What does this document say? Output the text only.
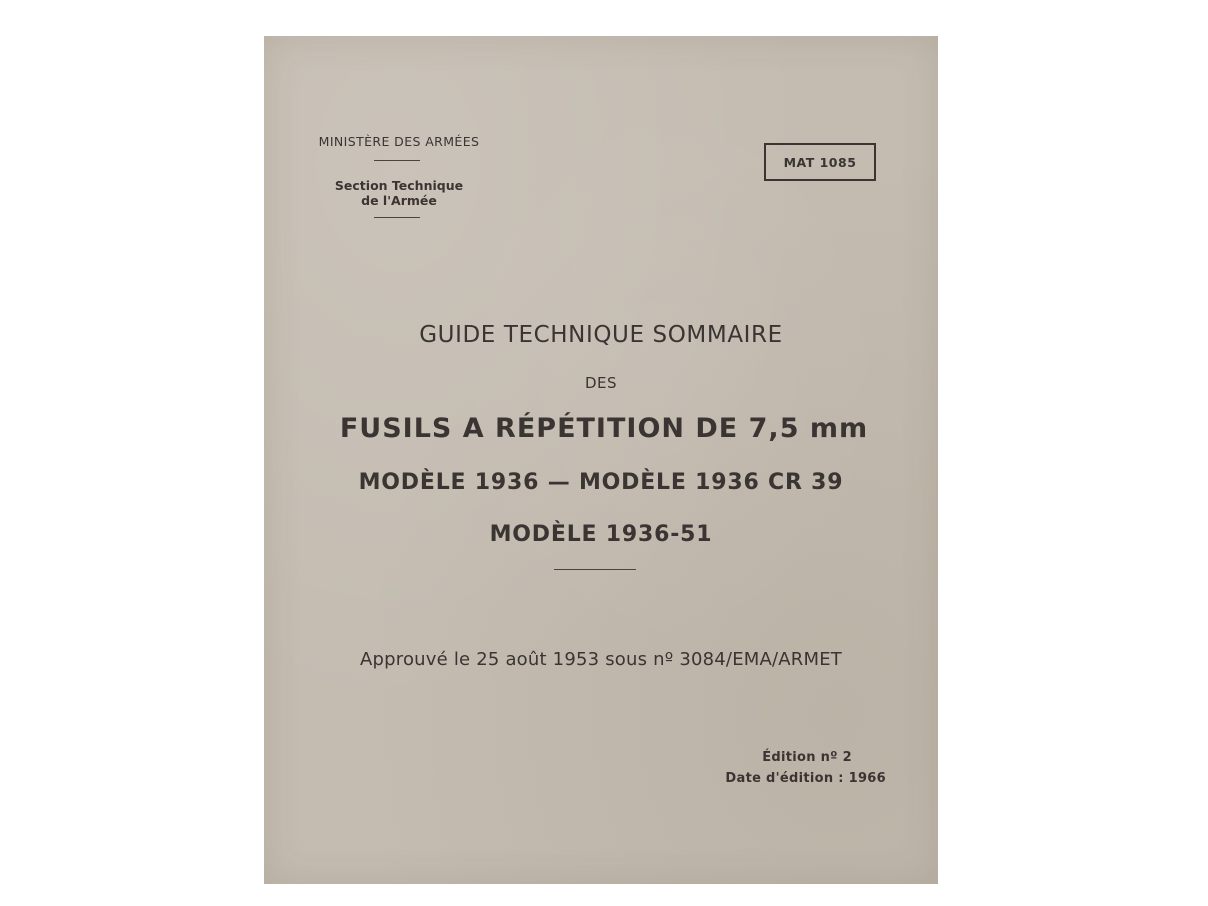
MINISTÈRE DES ARMÉES
Section Technique
de l'Armée
MAT 1085
GUIDE TECHNIQUE SOMMAIRE
DES
FUSILS A RÉPÉTITION DE 7,5 mm
MODÈLE 1936 — MODÈLE 1936 CR 39
MODÈLE 1936-51
Approuvé le 25 août 1953 sous nº 3084/EMA/ARMET
Édition nº 2
Date d'édition : 1966
